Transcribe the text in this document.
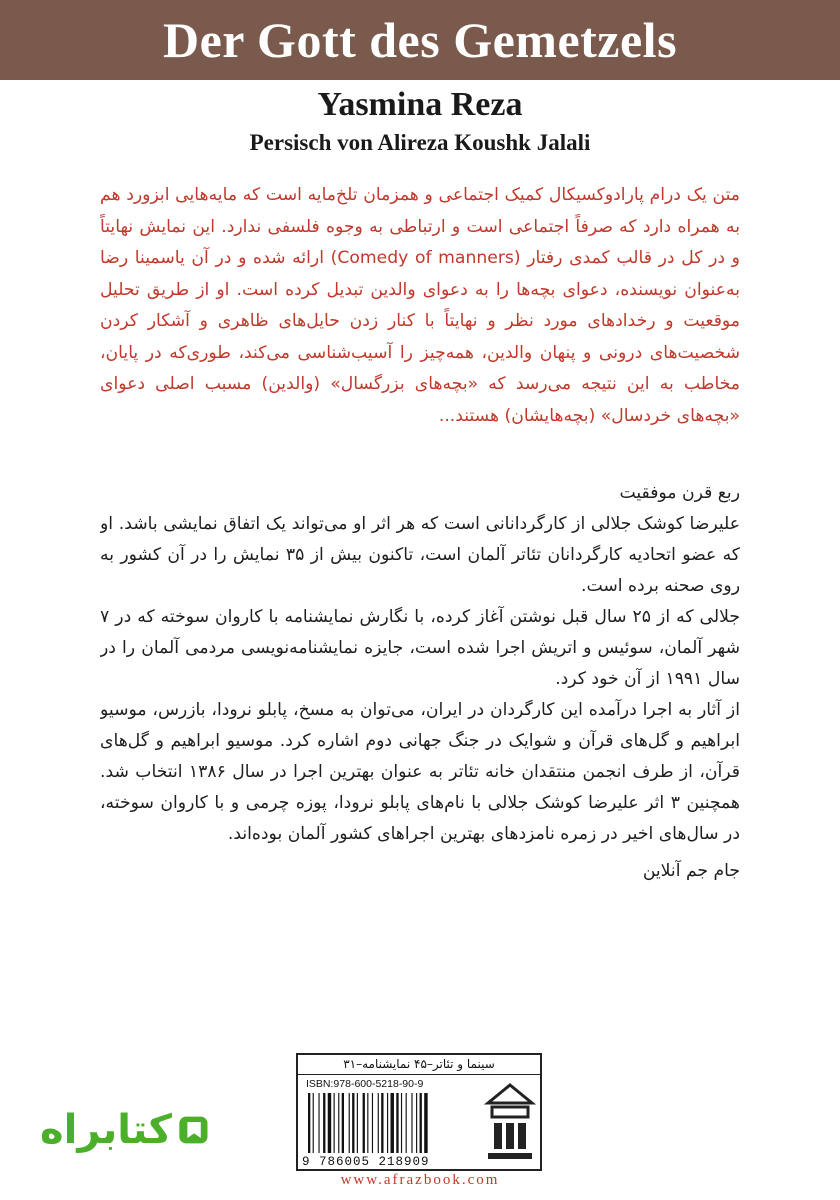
Der Gott des Gemetzels
Yasmina Reza
Persisch von Alireza Koushk Jalali
متن یک درام پارادوکسیکال کمیک اجتماعی و همزمان تلخ‌مایه است که مایه‌هایی ابزورد هم به همراه دارد که صرفاً اجتماعی است و ارتباطی به وجوه فلسفی ندارد. این نمایش نهایتاً و در کل در قالب کمدی رفتار (Comedy of manners) ارائه شده و در آن یاسمینا رضا به‌عنوان نویسنده، دعوای بچه‌ها را به دعوای والدین تبدیل کرده است. او از طریق تحلیل موقعیت و رخدادهای مورد نظر و نهایتاً با کنار زدن حایل‌های ظاهری و آشکار کردن شخصیت‌های درونی و پنهان والدین، همه‌چیز را آسیب‌شناسی می‌کند، طوری‌که در پایان، مخاطب به این نتیجه می‌رسد که «بچه‌های بزرگسال» (والدین) مسبب اصلی دعوای «بچه‌های خردسال» (بچه‌هایشان) هستند...

ربع قرن موفقیت

علیرضا کوشک جلالی از کارگردانانی است که هر اثر او می‌تواند یک اتفاق نمایشی باشد. او که عضو اتحادیه کارگردانان تئاتر آلمان است، تاکنون بیش از ۳۵ نمایش را در آن کشور به روی صحنه برده است.

جلالی که از ۲۵ سال قبل نوشتن آغاز کرده، با نگارش نمایشنامه با کاروان سوخته که در ۷ شهر آلمان، سوئیس و اتریش اجرا شده است، جایزه نمایشنامه‌نویسی مردمی آلمان را در سال ۱۹۹۱ از آن خود کرد.

از آثار به اجرا درآمده این کارگردان در ایران، می‌توان به مسخ، پابلو نرودا، بازرس، موسیو ابراهیم و گل‌های قرآن و شوایک در جنگ جهانی دوم اشاره کرد. موسیو ابراهیم و گل‌های قرآن، از طرف انجمن منتقدان خانه تئاتر به عنوان بهترین اجرا در سال ۱۳۸۶ انتخاب شد. همچنین ۳ اثر علیرضا کوشک جلالی با نام‌های پابلو نرودا، پوزه چرمی و با کاروان سوخته، در سال‌های اخیر در زمره نامزدهای بهترین اجراهای کشور آلمان بوده‌اند.

جام جم آنلاین

سینما و تئاتر–۴۵ نمایشنامه–۳۱
ISBN:978-600-5218-90-9
9 786005 218909
www.afrazbook.com
کتابراه
